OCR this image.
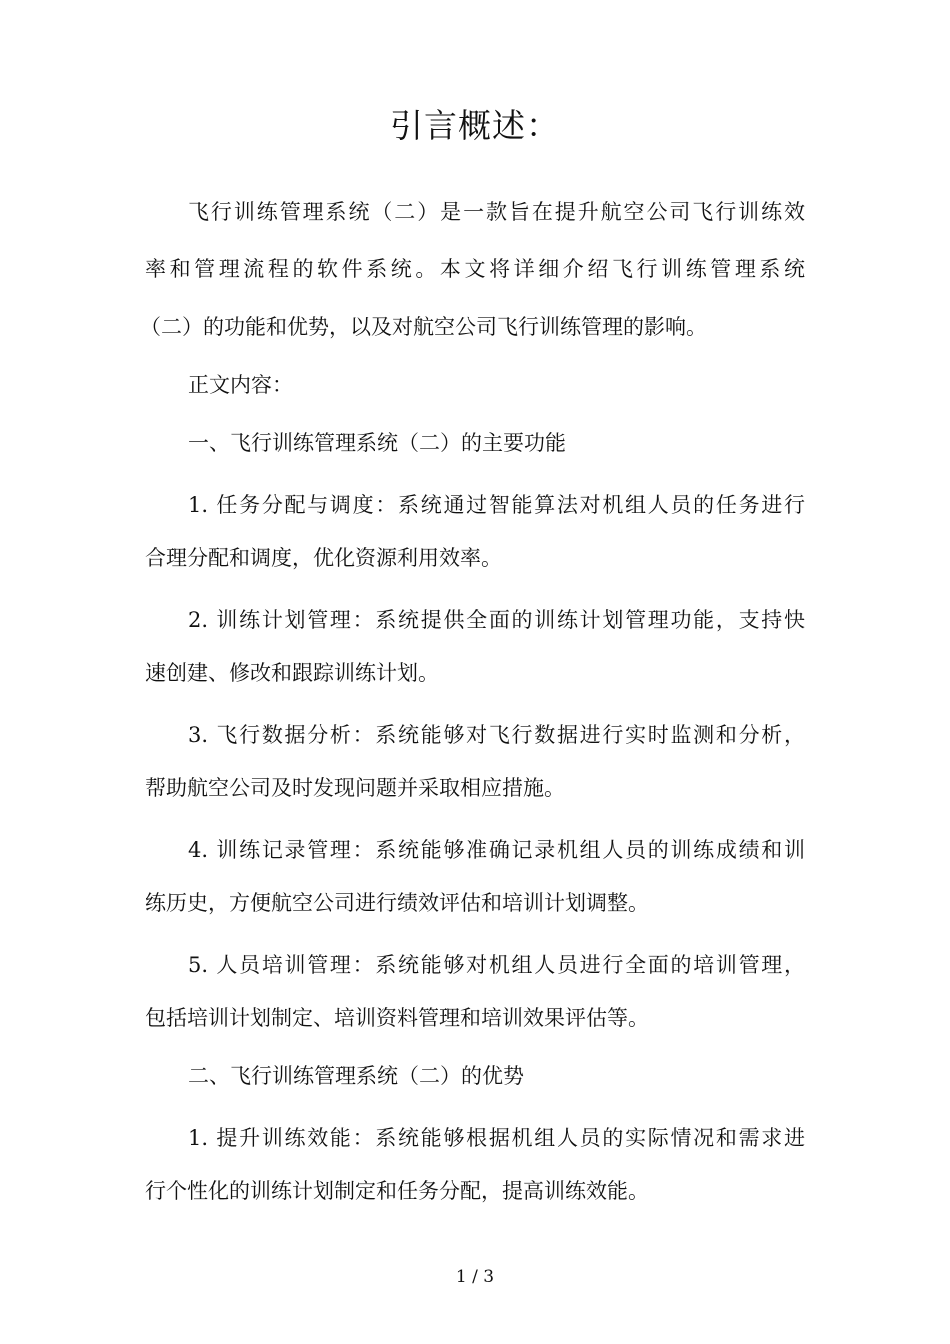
引言概述：
飞行训练管理系统（二）是一款旨在提升航空公司飞行训练效
率和管理流程的软件系统。本文将详细介绍飞行训练管理系统
（二）的功能和优势，以及对航空公司飞行训练管理的影响。
正文内容：
一、飞行训练管理系统（二）的主要功能
1. 任务分配与调度：系统通过智能算法对机组人员的任务进行
合理分配和调度，优化资源利用效率。
2. 训练计划管理：系统提供全面的训练计划管理功能，支持快
速创建、修改和跟踪训练计划。
3. 飞行数据分析：系统能够对飞行数据进行实时监测和分析，
帮助航空公司及时发现问题并采取相应措施。
4. 训练记录管理：系统能够准确记录机组人员的训练成绩和训
练历史，方便航空公司进行绩效评估和培训计划调整。
5. 人员培训管理：系统能够对机组人员进行全面的培训管理，
包括培训计划制定、培训资料管理和培训效果评估等。
二、飞行训练管理系统（二）的优势
1. 提升训练效能：系统能够根据机组人员的实际情况和需求进
行个性化的训练计划制定和任务分配，提高训练效能。
1 / 3
